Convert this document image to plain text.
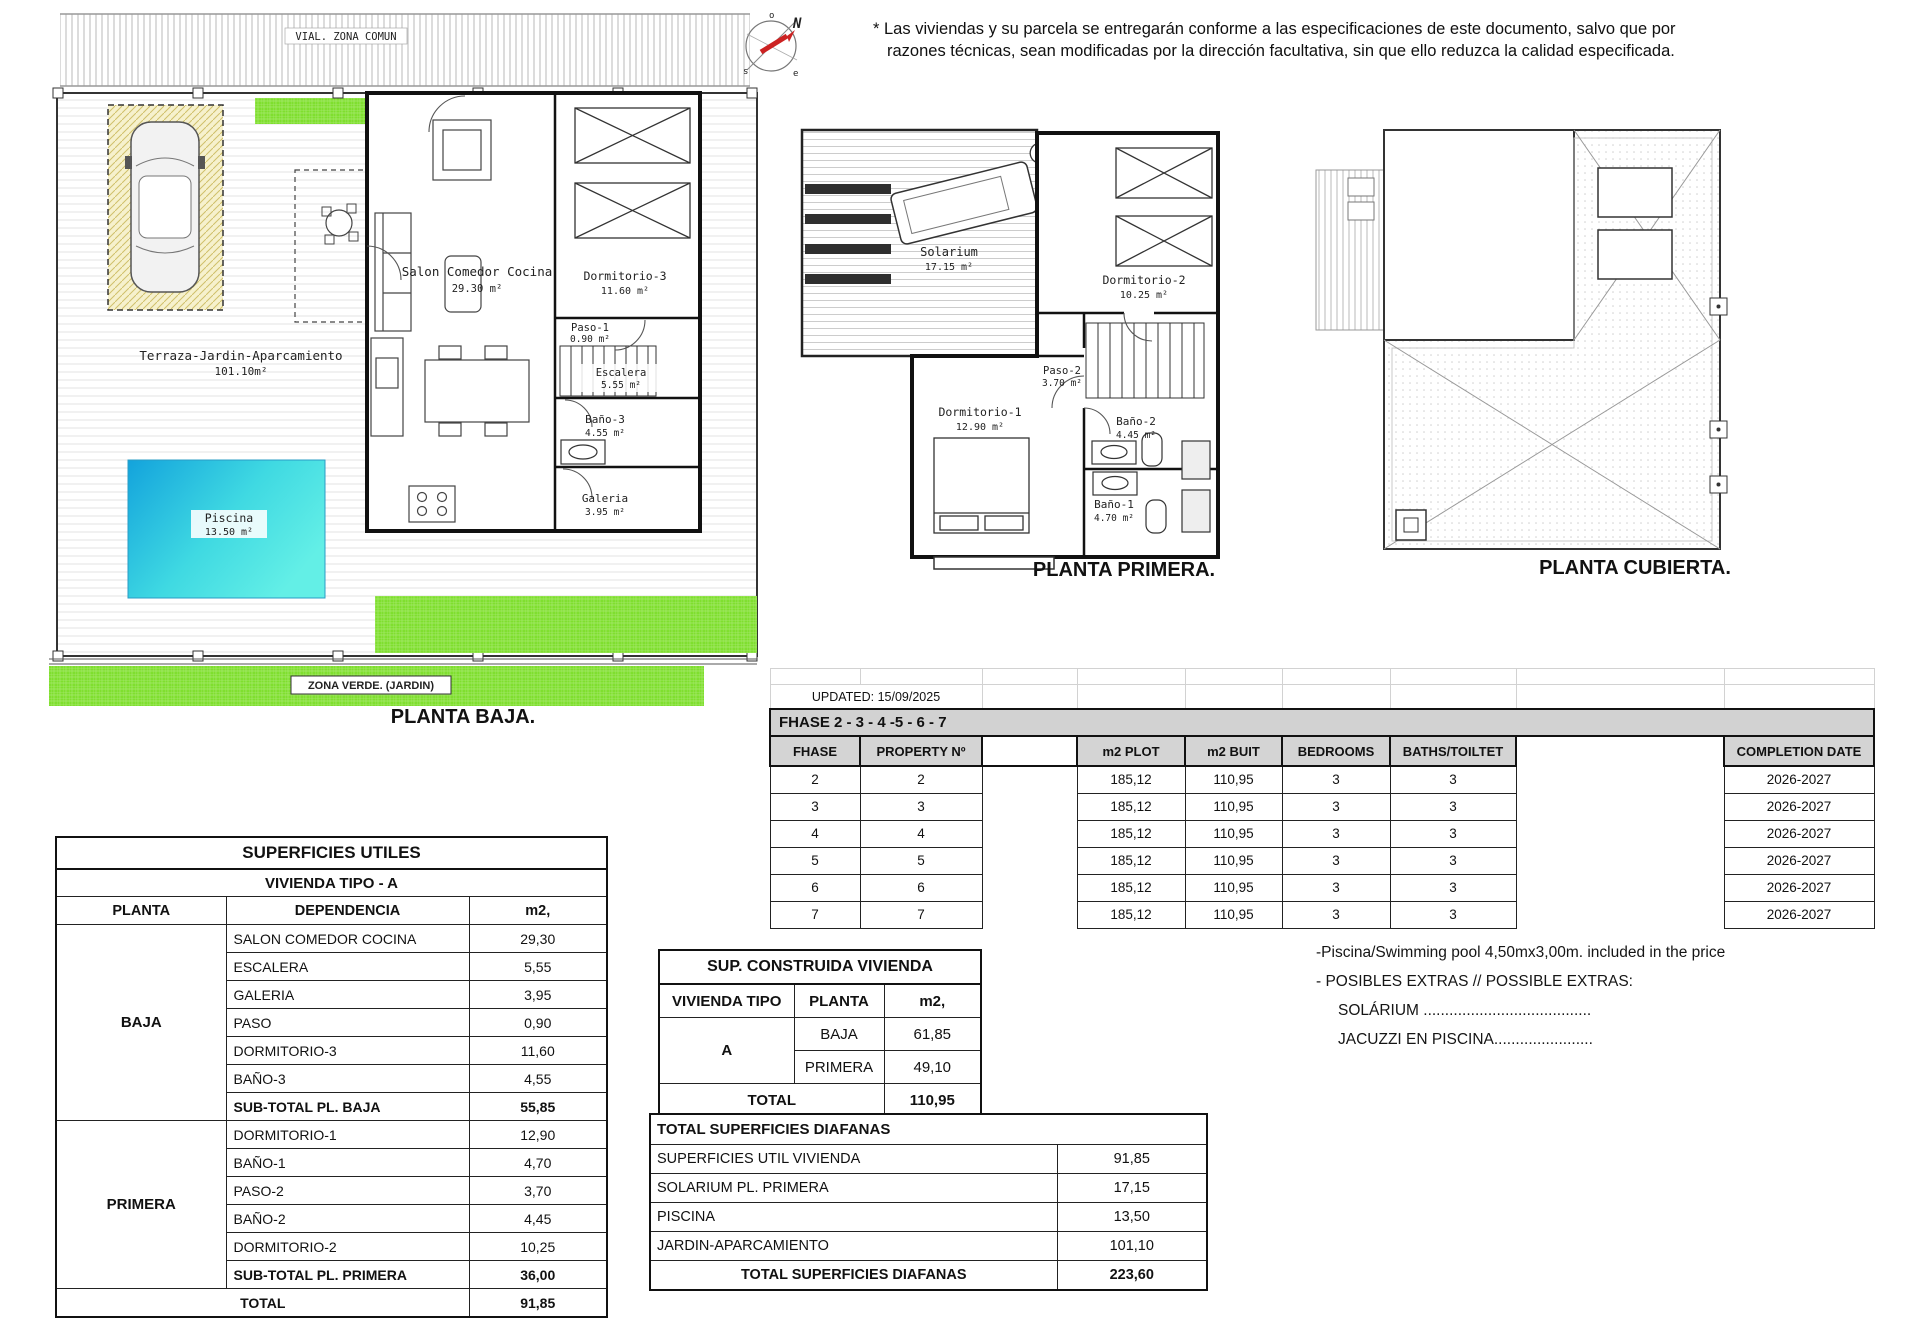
VIAL. ZONA COMUN
Terraza-Jardin-Aparcamiento
101.10m²
Piscina
13.50 m²
Salon Comedor Cocina
29.30 m²
Dormitorio-3
11.60 m²
Paso-1
0.90 m²
Escalera
5.55 m²
Baño-3
4.55 m²
Galeria
3.95 m²
ZONA VERDE. (JARDIN)
PLANTA BAJA.
o
s	e
N	* Las viviendas y su parcela se entregarán conforme a las especificaciones de este documento, salvo que por
razones técnicas, sean modificadas por la dirección facultativa, sin que ello reduzca la calidad especificada.
Solarium
17.15 m²
Dormitorio-2
10.25 m²
Paso-2
3.70 m²
Dormitorio-1
12.90 m²	Baño-2
4.45 m²
Baño-1
4.70 m²
PLANTA PRIMERA.	PLANTA CUBIERTA.

UPDATED: 15/09/2025								
FHASE 2 - 3 - 4 -5 - 6 - 7								
FHASE	PROPERTY Nº		m2 PLOT	m2 BUIT	BEDROOMS	BATHS/TOILTET		COMPLETION DATE
2	2		185,12	110,95	3	3		2026-2027
3	3		185,12	110,95	3	3		2026-2027
4	4		185,12	110,95	3	3		2026-2027
5	5		185,12	110,95	3	3		2026-2027
6	6		185,12	110,95	3	3		2026-2027
7	7		185,12	110,95	3	3		2026-2027
SUPERFICIES UTILES		
VIVIENDA TIPO - A		
PLANTA	DEPENDENCIA	m2,
BAJA	SALON COMEDOR COCINA	29,30
	ESCALERA	5,55
	GALERIA	3,95
	PASO	0,90
	DORMITORIO-3	11,60
	BAÑO-3	4,55
	SUB-TOTAL PL. BAJA	55,85
PRIMERA	DORMITORIO-1	12,90
	BAÑO-1	4,70
	PASO-2	3,70
	BAÑO-2	4,45
	DORMITORIO-2	10,25
	SUB-TOTAL PL. PRIMERA	36,00
TOTAL		91,85
SUP. CONSTRUIDA VIVIENDA		
VIVIENDA TIPO	PLANTA	m2,
A	BAJA	61,85
	PRIMERA	49,10
TOTAL		110,95
TOTAL SUPERFICIES DIAFANAS	
SUPERFICIES UTIL VIVIENDA	91,85
SOLARIUM PL. PRIMERA	17,15
PISCINA	13,50
JARDIN-APARCAMIENTO	101,10
TOTAL SUPERFICIES DIAFANAS	223,60
-Piscina/Swimming pool 4,50mx3,00m. included in the price
- POSIBLES EXTRAS // POSSIBLE EXTRAS:
SOLÁRIUM .......................................
JACUZZI EN PISCINA.......................
